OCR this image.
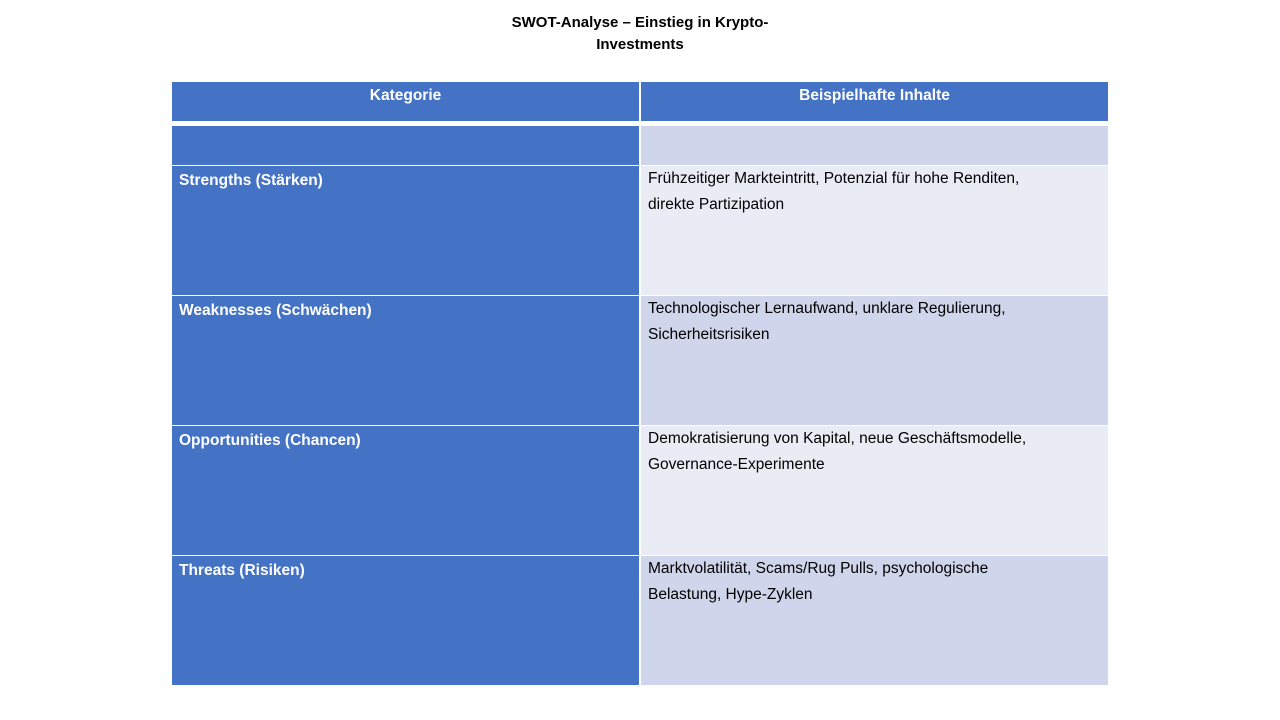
SWOT-Analyse – Einstieg in Krypto-
Investments
Kategorie	Beispielhafte Inhalte
Strengths (Stärken)	Frühzeitiger Markteintritt, Potenzial für hohe Renditen,

direkte Partizipation

Weaknesses (Schwächen)	Technologischer Lernaufwand, unklare Regulierung,

Sicherheitsrisiken

Opportunities (Chancen)	Demokratisierung von Kapital, neue Geschäftsmodelle,

Governance-Experimente

Threats (Risiken)	Marktvolatilität, Scams/Rug Pulls, psychologische

Belastung, Hype-Zyklen
